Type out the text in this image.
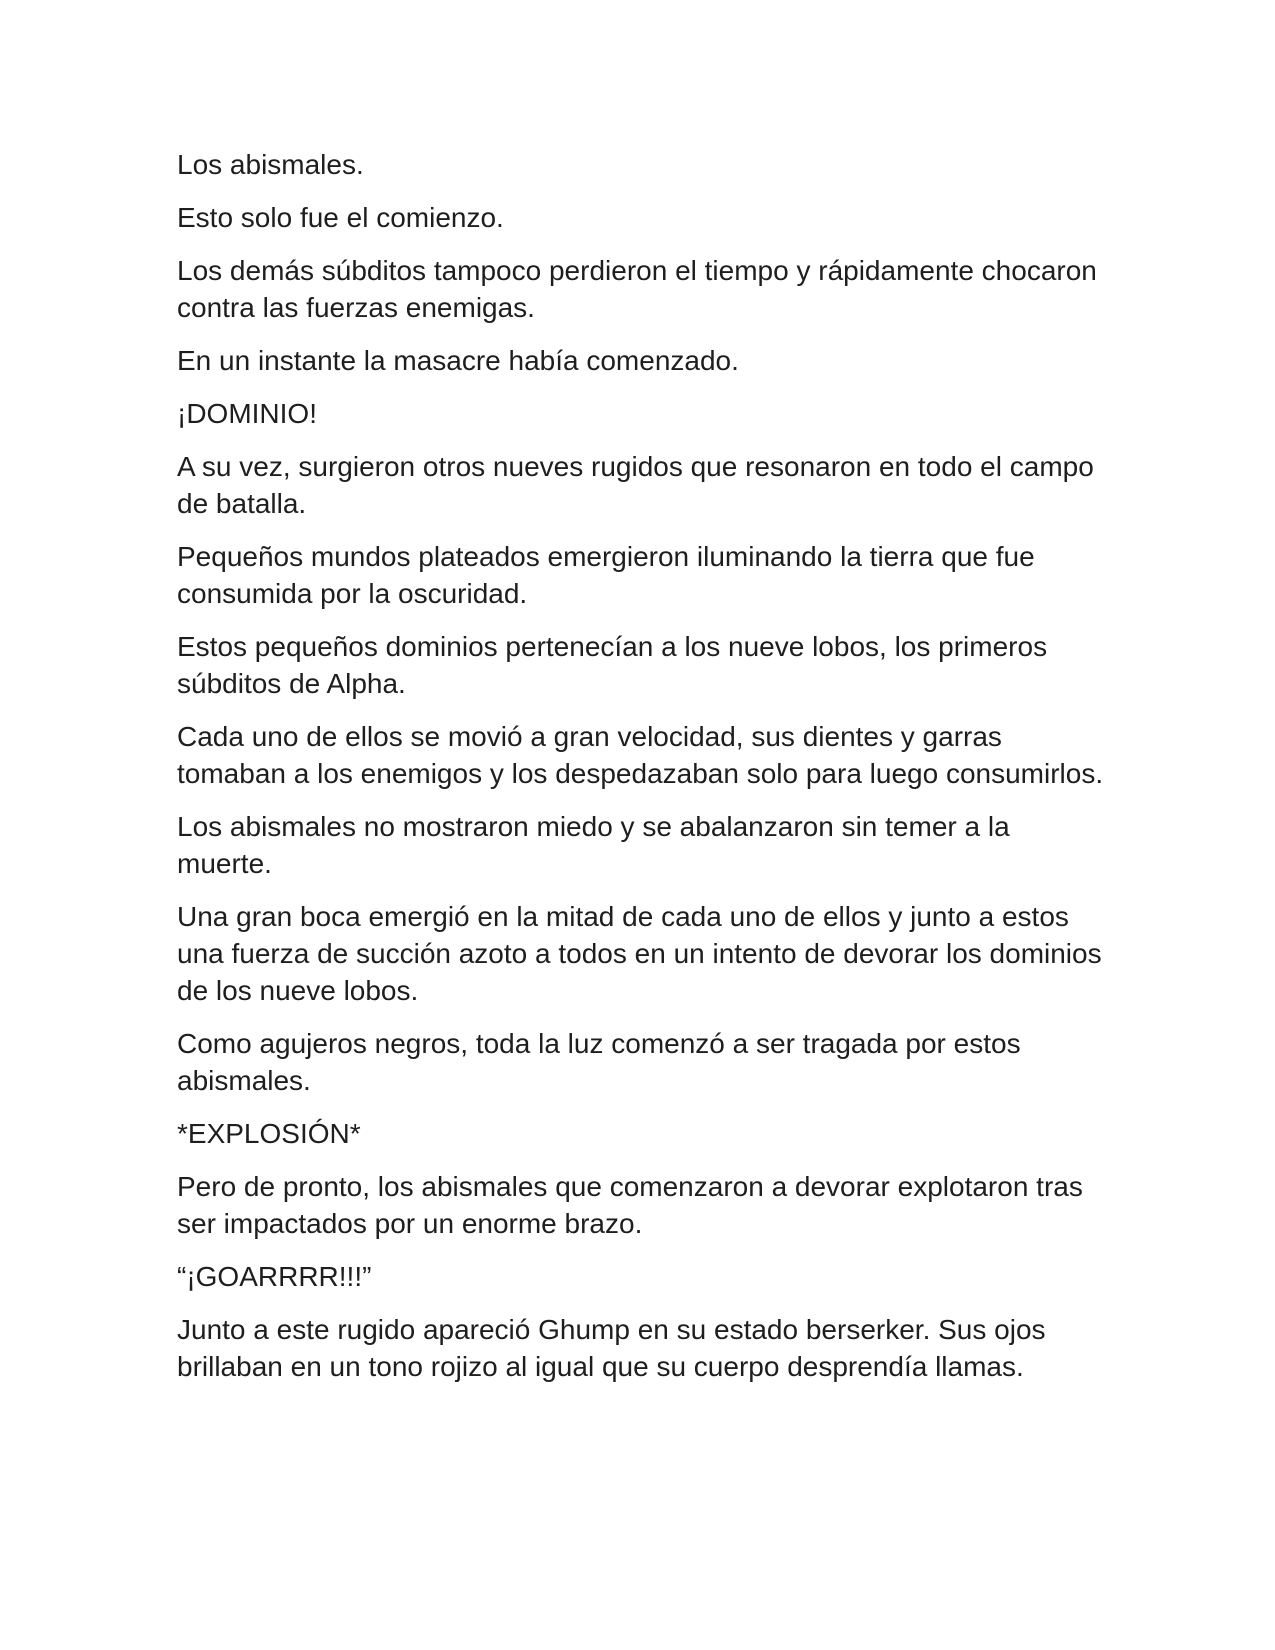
Los abismales.

Esto solo fue el comienzo.

Los demás súbditos tampoco perdieron el tiempo y rápidamente chocaron contra las fuerzas enemigas.

En un instante la masacre había comenzado.

¡DOMINIO!

A su vez, surgieron otros nueves rugidos que resonaron en todo el campo de batalla.

Pequeños mundos plateados emergieron iluminando la tierra que fue consumida por la oscuridad.

Estos pequeños dominios pertenecían a los nueve lobos, los primeros súbditos de Alpha.

Cada uno de ellos se movió a gran velocidad, sus dientes y garras tomaban a los enemigos y los despedazaban solo para luego consumirlos.

Los abismales no mostraron miedo y se abalanzaron sin temer a la muerte.

Una gran boca emergió en la mitad de cada uno de ellos y junto a estos una fuerza de succión azoto a todos en un intento de devorar los dominios de los nueve lobos.

Como agujeros negros, toda la luz comenzó a ser tragada por estos abismales.

*EXPLOSIÓN*

Pero de pronto, los abismales que comenzaron a devorar explotaron tras ser impactados por un enorme brazo.

“¡GOARRRR!!!”

Junto a este rugido apareció Ghump en su estado berserker. Sus ojos brillaban en un tono rojizo al igual que su cuerpo desprendía llamas.
